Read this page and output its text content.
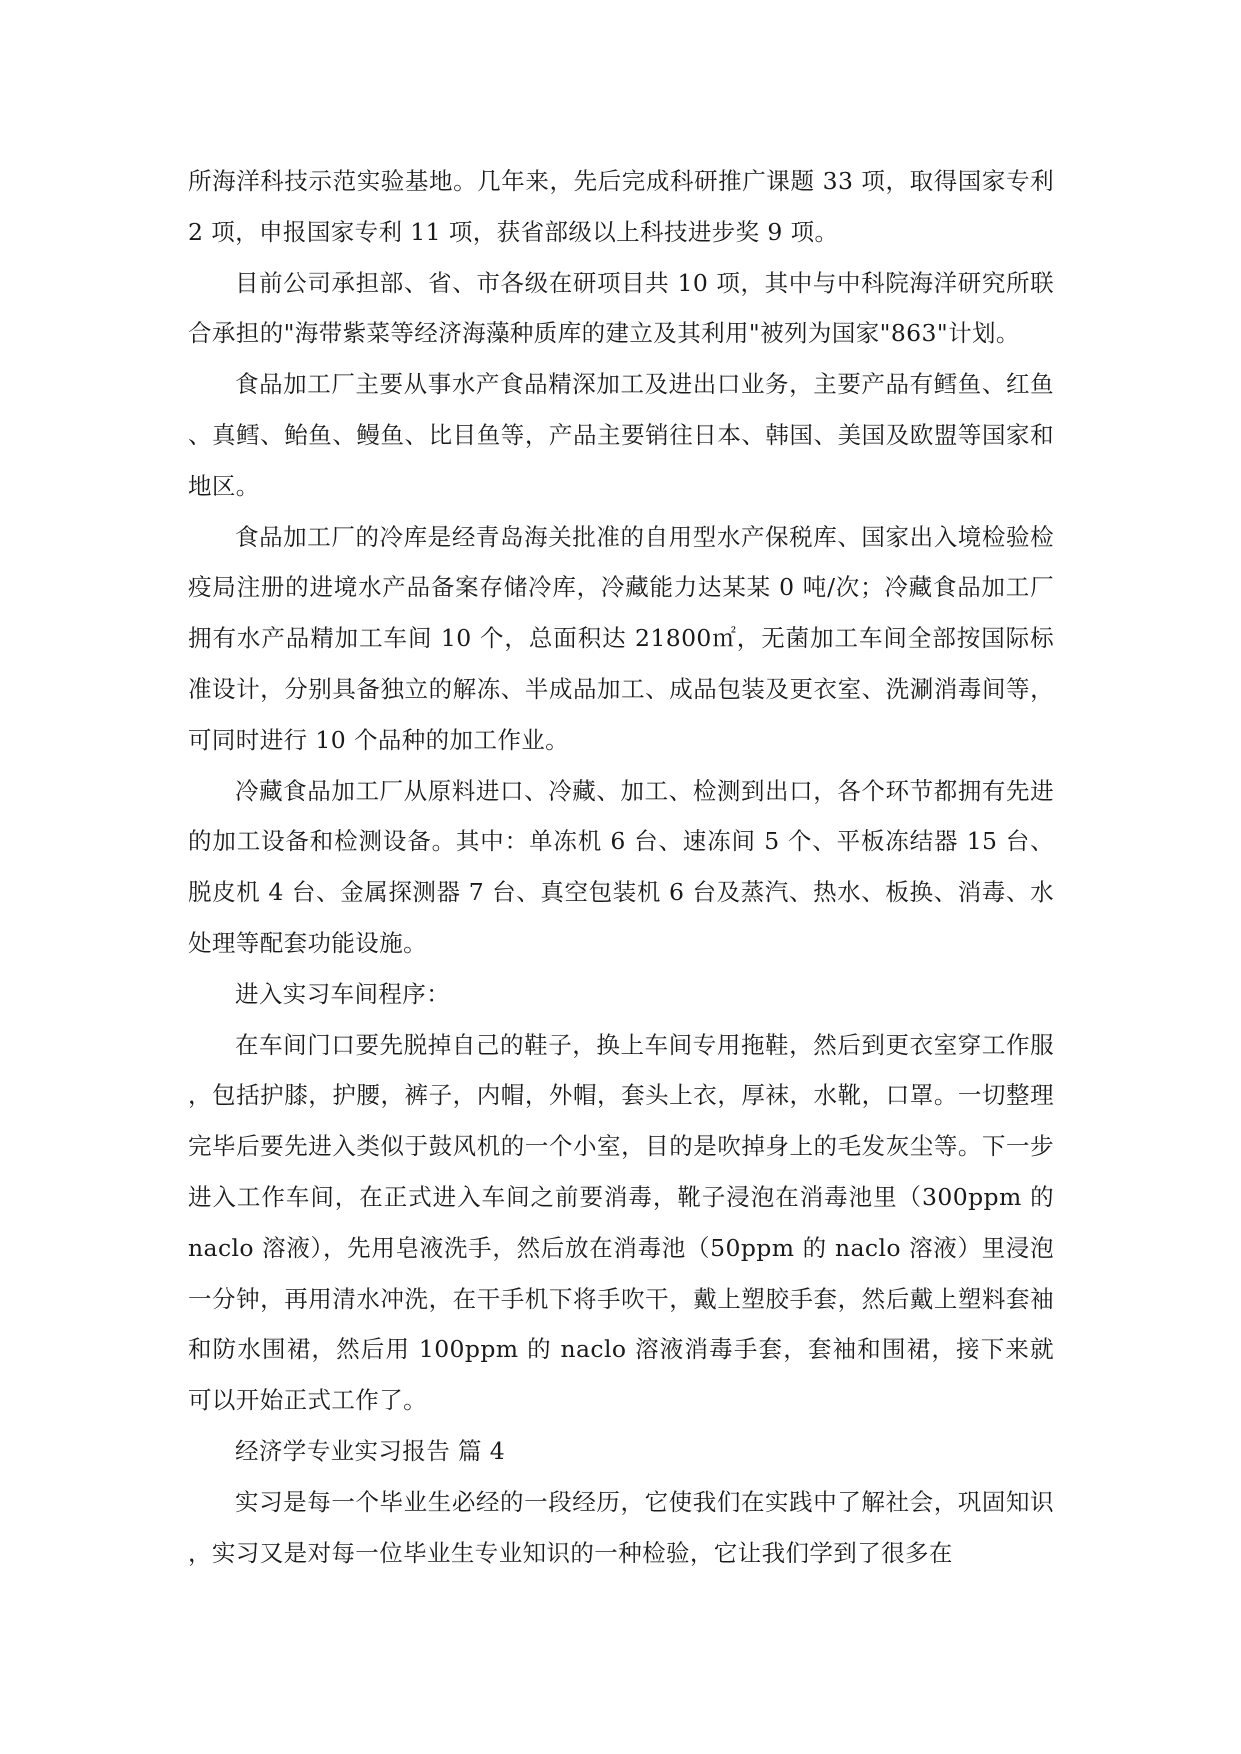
所海洋科技示范实验基地。几年来，先后完成科研推广课题 33 项，取得国家专利 2 项，申报国家专利 11 项，获省部级以上科技进步奖 9 项。

目前公司承担部、省、市各级在研项目共 10 项，其中与中科院海洋研究所联合承担的"海带紫菜等经济海藻种质库的建立及其利用"被列为国家"863"计划。

食品加工厂主要从事水产食品精深加工及进出口业务，主要产品有鳕鱼、红鱼、真鳕、鲐鱼、鳗鱼、比目鱼等，产品主要销往日本、韩国、美国及欧盟等国家和地区。

食品加工厂的冷库是经青岛海关批准的自用型水产保税库、国家出入境检验检疫局注册的进境水产品备案存储冷库，冷藏能力达某某 0 吨/次；冷藏食品加工厂拥有水产品精加工车间 10 个，总面积达 21800㎡，无菌加工车间全部按国际标准设计，分别具备独立的解冻、半成品加工、成品包装及更衣室、洗涮消毒间等，可同时进行 10 个品种的加工作业。

冷藏食品加工厂从原料进口、冷藏、加工、检测到出口，各个环节都拥有先进的加工设备和检测设备。其中：单冻机 6 台、速冻间 5 个、平板冻结器 15 台、脱皮机 4 台、金属探测器 7 台、真空包装机 6 台及蒸汽、热水、板换、消毒、水处理等配套功能设施。

进入实习车间程序：

在车间门口要先脱掉自己的鞋子，换上车间专用拖鞋，然后到更衣室穿工作服，包括护膝，护腰，裤子，内帽，外帽，套头上衣，厚袜，水靴，口罩。一切整理完毕后要先进入类似于鼓风机的一个小室，目的是吹掉身上的毛发灰尘等。下一步进入工作车间，在正式进入车间之前要消毒，靴子浸泡在消毒池里（300ppm 的 naclo 溶液），先用皂液洗手，然后放在消毒池（50ppm 的 naclo 溶液）里浸泡一分钟，再用清水冲洗，在干手机下将手吹干，戴上塑胶手套，然后戴上塑料套袖和防水围裙，然后用 100ppm 的 naclo 溶液消毒手套，套袖和围裙，接下来就可以开始正式工作了。

经济学专业实习报告 篇 4

实习是每一个毕业生必经的一段经历，它使我们在实践中了解社会，巩固知识，实习又是对每一位毕业生专业知识的一种检验，它让我们学到了很多在
